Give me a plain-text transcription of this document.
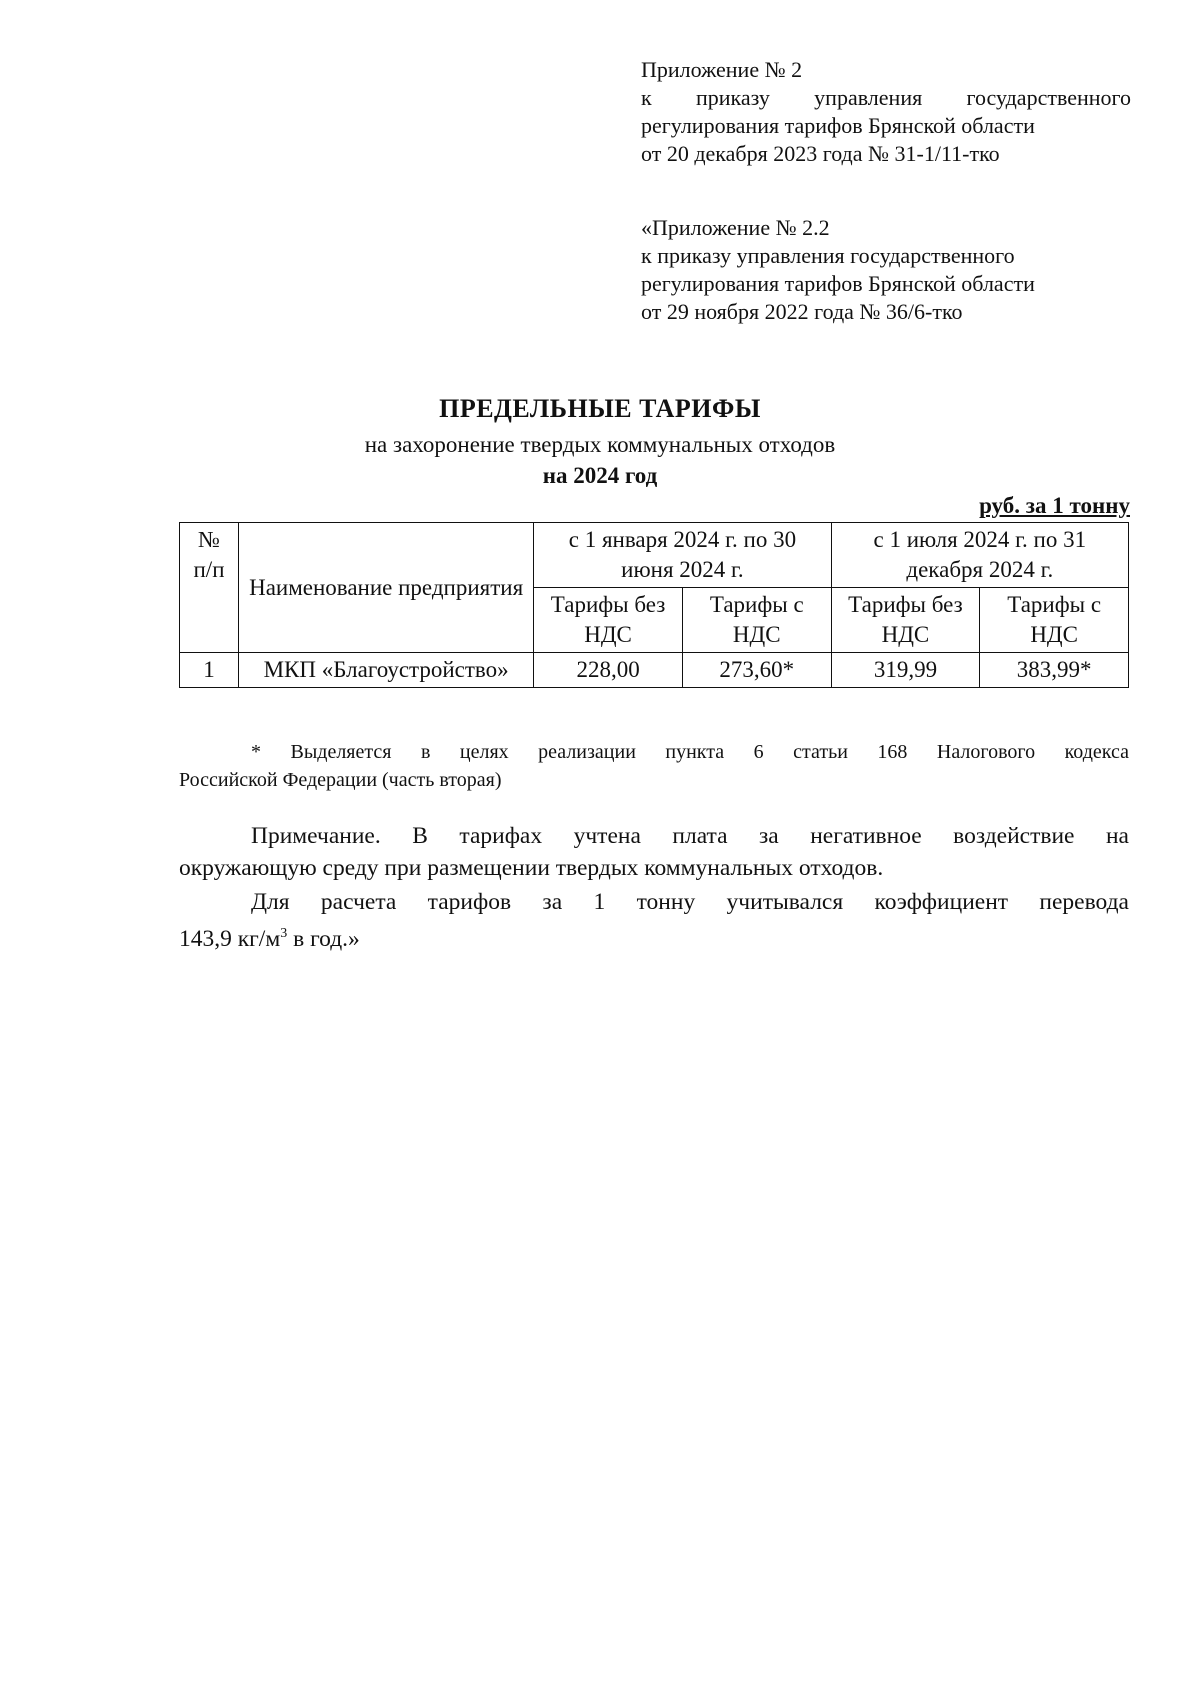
Приложение № 2
к приказу управления государственного
регулирования тарифов Брянской области
от 20 декабря 2023 года № 31-1/11-тко
«Приложение № 2.2
к приказу управления государственного
регулирования тарифов Брянской области
от 29 ноября 2022 года № 36/6-тко
ПРЕДЕЛЬНЫЕ ТАРИФЫ
на захоронение твердых коммунальных отходов
на 2024 год
руб. за 1 тонну
№ п/п	Наименование предприятия	с 1 января 2024 г. по 30 июня 2024 г.		с 1 июля 2024 г. по 31 декабря 2024 г.	
		Тарифы без НДС	Тарифы с НДС	Тарифы без НДС	Тарифы с НДС
1	МКП «Благоустройство»	228,00	273,60*	319,99	383,99*
* Выделяется в целях реализации пункта 6 статьи 168 Налогового кодекса
Российской Федерации (часть вторая)
Примечание. В тарифах учтена плата за негативное воздействие на
окружающую среду при размещении твердых коммунальных отходов.
Для расчета тарифов за 1 тонну учитывался коэффициент перевода
143,9 $кг/м^3$ в год.»
